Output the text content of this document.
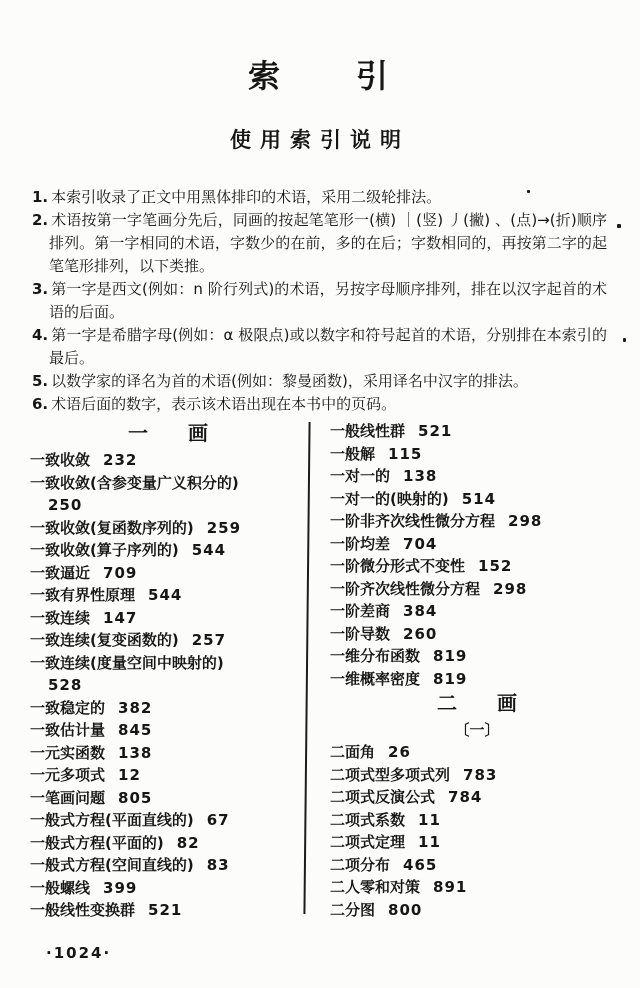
索　　引
使用索引说明

1. 本索引收录了正文中用黑体排印的术语，采用二级轮排法。

2. 术语按第一字笔画分先后，同画的按起笔笔形一(横) ｜(竖) 丿(撇) 、(点)→(折)顺序排列。第一字相同的术语，字数少的在前，多的在后；字数相同的，再按第二字的起笔笔形排列，以下类推。

3. 第一字是西文(例如：n 阶行列式)的术语，另按字母顺序排列，排在以汉字起首的术语的后面。

4. 第一字是希腊字母(例如：α 极限点)或以数字和符号起首的术语，分别排在本索引的最后。

5. 以数学家的译名为首的术语(例如：黎曼函数)，采用译名中汉字的排法。

6. 术语后面的数字，表示该术语出现在本书中的页码。

一　　画
一致收敛 232
一致收敛(含参变量广义积分的)
250
一致收敛(复函数序列的) 259
一致收敛(算子序列的) 544
一致逼近 709
一致有界性原理 544
一致连续 147
一致连续(复变函数的) 257
一致连续(度量空间中映射的)
528
一致稳定的 382
一致估计量 845
一元实函数 138
一元多项式 12
一笔画问题 805
一般式方程(平面直线的) 67
一般式方程(平面的) 82
一般式方程(空间直线的) 83
一般螺线 399
一般线性变换群 521
一般线性群 521
一般解 115
一对一的 138
一对一的(映射的) 514
一阶非齐次线性微分方程 298
一阶均差 704
一阶微分形式不变性 152
一阶齐次线性微分方程 298
一阶差商 384
一阶导数 260
一维分布函数 819
一维概率密度 819
二　　画
〔一〕
二面角 26
二项式型多项式列 783
二项式反演公式 784
二项式系数 11
二项式定理 11
二项分布 465
二人零和对策 891
二分图 800
·1024·
